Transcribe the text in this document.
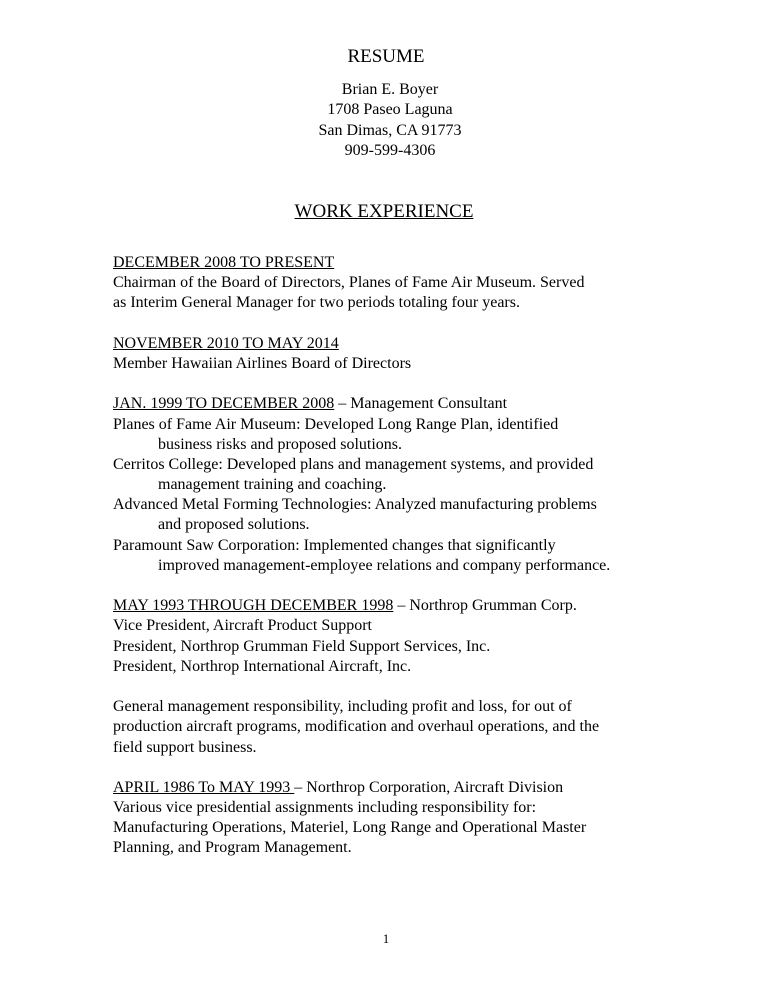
RESUME
Brian E. Boyer
1708 Paseo Laguna
San Dimas, CA 91773
909-599-4306
WORK EXPERIENCE
DECEMBER 2008 TO PRESENT
Chairman of the Board of Directors, Planes of Fame Air Museum. Served
as Interim General Manager for two periods totaling four years.
NOVEMBER 2010 TO MAY 2014
Member Hawaiian Airlines Board of Directors
JAN. 1999 TO DECEMBER 2008 – Management Consultant
Planes of Fame Air Museum: Developed Long Range Plan, identified
business risks and proposed solutions.
Cerritos College: Developed plans and management systems, and provided
management training and coaching.
Advanced Metal Forming Technologies: Analyzed manufacturing problems
and proposed solutions.
Paramount Saw Corporation: Implemented changes that significantly
improved management-employee relations and company performance.
MAY 1993 THROUGH DECEMBER 1998 – Northrop Grumman Corp.
Vice President, Aircraft Product Support
President, Northrop Grumman Field Support Services, Inc.
President, Northrop International Aircraft, Inc.
General management responsibility, including profit and loss, for out of
production aircraft programs, modification and overhaul operations, and the
field support business.
APRIL 1986 To MAY 1993 – Northrop Corporation, Aircraft Division
Various vice presidential assignments including responsibility for:
Manufacturing Operations, Materiel, Long Range and Operational Master
Planning, and Program Management.
1
